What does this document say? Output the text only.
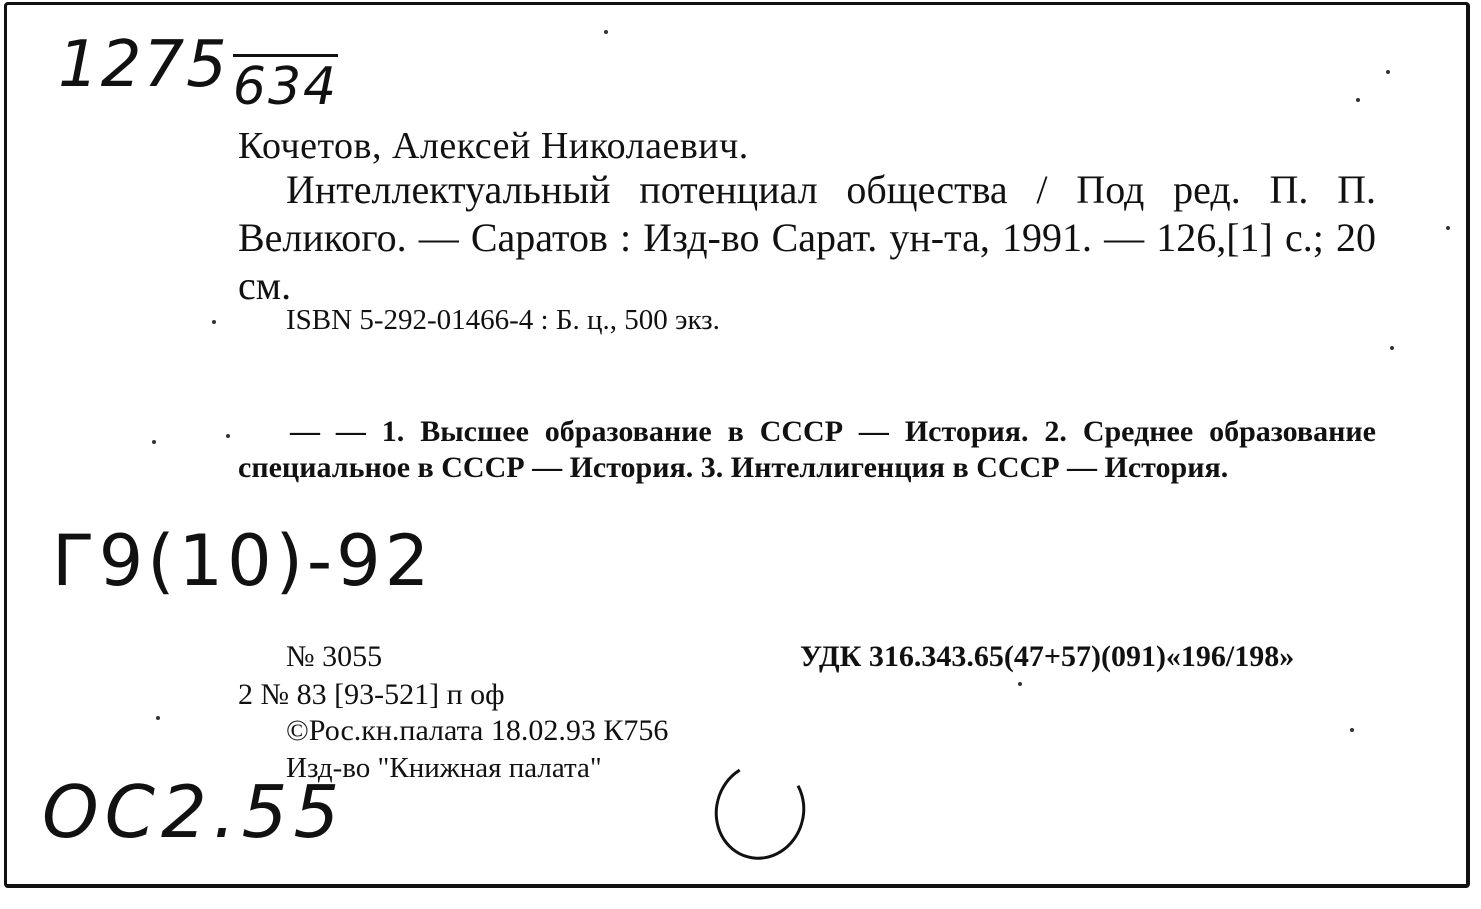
$1275_{634}$
Кочетов, Алексей Николаевич.
Интеллектуальный потенциал общества / Под ред. П. П. Великого. — Саратов : Изд-во Сарат. ун-та, 1991. — 126,[1] с.; 20 см.
ISBN 5-292-01466-4 : Б. ц., 500 экз.
— — 1. Высшее образование в СССР — История. 2. Среднее образование специальное в СССР — История. 3. Интеллигенция в СССР — История.
Г9(10)-92
№ 3055	УДК 316.343.65(47+57)(091)«196/198»
2 № 83 [93-521] п оф
©Рос.кн.палата 18.02.93 К756
Изд-во "Книжная палата"
ОС2.55
